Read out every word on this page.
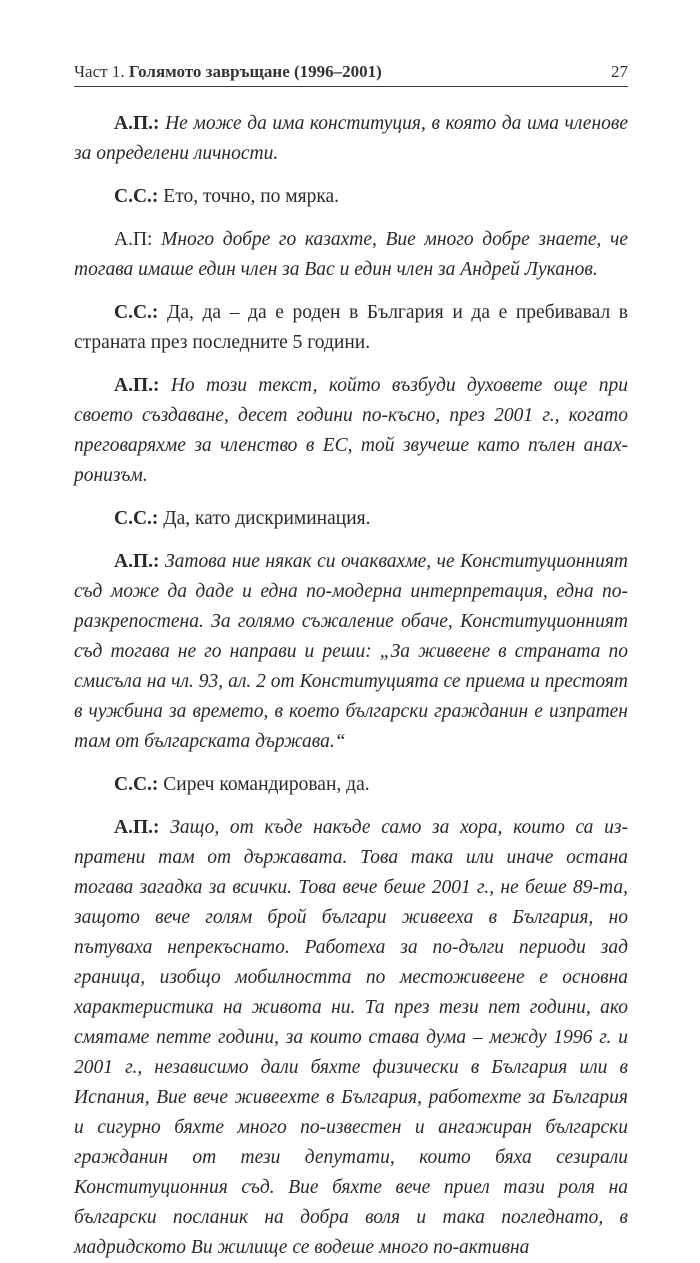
Част 1. Голямото завръщане (1996–2001)	27

А.П.: Не може да има конституция, в която да има членове за определени личности.

С.С.: Ето, точно, по мярка.

А.П: Много добре го казахте, Вие много добре знаете, че тогава имаше един член за Вас и един член за Андрей Луканов.

С.С.: Да, да – да е роден в България и да е пребивавал в страната през последните 5 години.

А.П.: Но този текст, който възбуди духовете още при своето създаване, десет години по-късно, през 2001 г., когато преговаряхме за членство в ЕС, той звучеше като пълен анахронизъм.

С.С.: Да, като дискриминация.

А.П.: Затова ние някак си очаквахме, че Конституционният съд може да даде и една по-модерна интерпретация, една по-разкрепостена. За голямо съжаление обаче, Конституционният съд тогава не го направи и реши: „За живеене в страната по смисъла на чл. 93, ал. 2 от Конституцията се приема и престоят в чужбина за времето, в което български гражданин е изпратен там от българската държава.“

С.С.: Сиреч командирован, да.

А.П.: Защо, от къде накъде само за хора, които са изпратени там от държавата. Това така или иначе остана тогава загадка за всички. Това вече беше 2001 г., не беше 89-та, защото вече голям брой българи живееха в България, но пътуваха непрекъснато. Работеха за по-дълги периоди зад граница, изобщо мобилността по местоживеене е основна характеристика на живота ни. Та през тези пет години, ако смятаме петте години, за които става дума – между 1996 г. и 2001 г., независимо дали бяхте физически в България или в Испания, Вие вече живеехте в България, работехте за България и сигурно бяхте много по-известен и ангажиран български гражданин от тези депутати, които бяха сезирали Конституционния съд. Вие бяхте вече приел тази роля на български посланик на добра воля и така погледнато, в мадридското Ви жилище се водеше много по-активна
